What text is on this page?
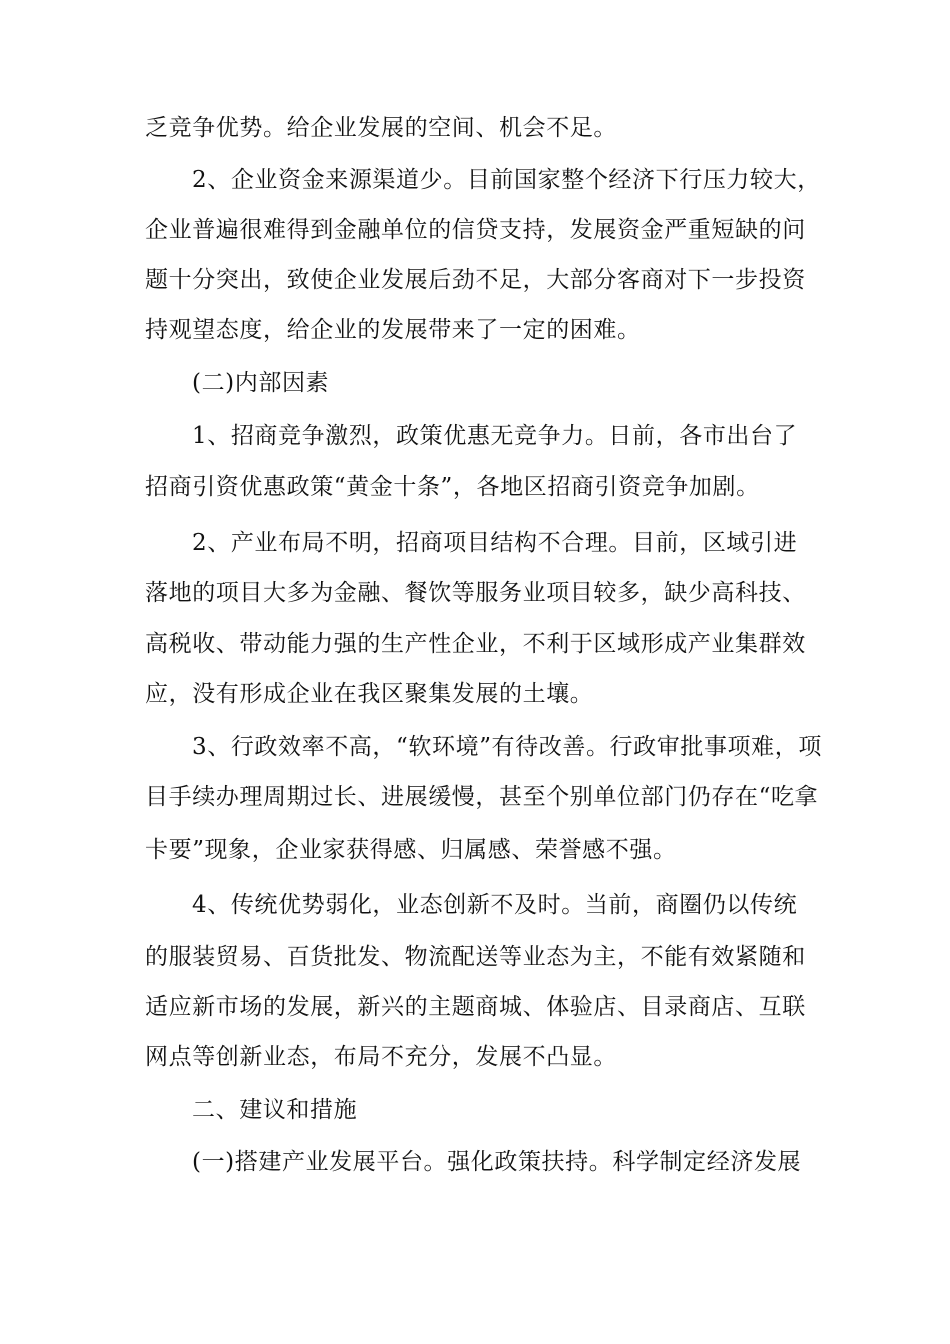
乏竞争优势。给企业发展的空间、机会不足。
2、企业资金来源渠道少。目前国家整个经济下行压力较大，
企业普遍很难得到金融单位的信贷支持，发展资金严重短缺的问
题十分突出，致使企业发展后劲不足，大部分客商对下一步投资
持观望态度，给企业的发展带来了一定的困难。
(二)内部因素
1、招商竞争激烈，政策优惠无竞争力。日前，各市出台了
招商引资优惠政策“黄金十条”，各地区招商引资竞争加剧。
2、产业布局不明，招商项目结构不合理。目前，区域引进
落地的项目大多为金融、餐饮等服务业项目较多，缺少高科技、
高税收、带动能力强的生产性企业，不利于区域形成产业集群效
应，没有形成企业在我区聚集发展的土壤。
3、行政效率不高，“软环境”有待改善。行政审批事项难，项
目手续办理周期过长、进展缓慢，甚至个别单位部门仍存在“吃拿
卡要”现象，企业家获得感、归属感、荣誉感不强。
4、传统优势弱化，业态创新不及时。当前，商圈仍以传统
的服装贸易、百货批发、物流配送等业态为主，不能有效紧随和
适应新市场的发展，新兴的主题商城、体验店、目录商店、互联
网点等创新业态，布局不充分，发展不凸显。
二、建议和措施
(一)搭建产业发展平台。强化政策扶持。科学制定经济发展
